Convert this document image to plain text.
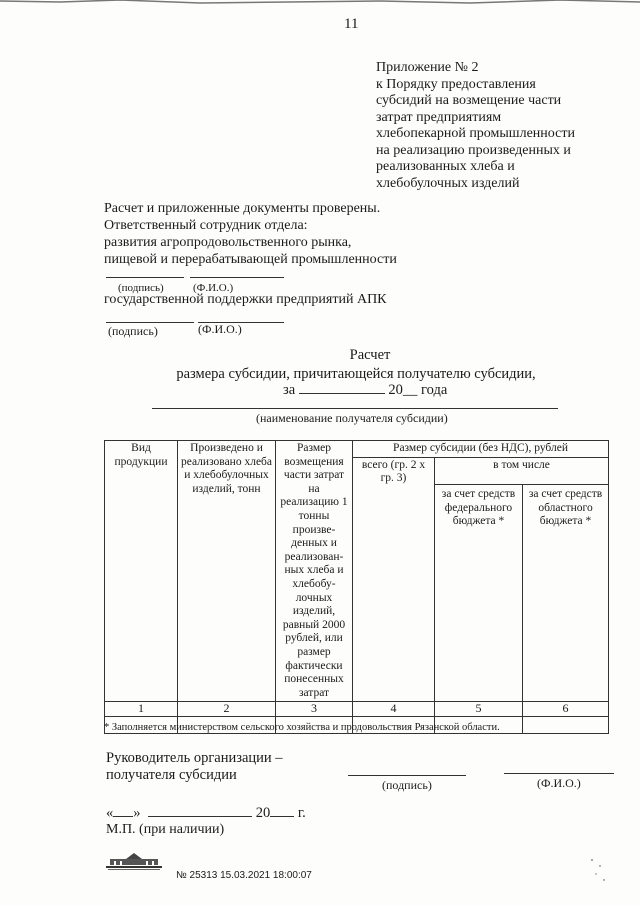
11
Приложение № 2
к Порядку предоставления
субсидий на возмещение части
затрат предприятиям
хлебопекарной промышленности
на реализацию произведенных и
реализованных хлеба и
хлебобулочных изделий
Расчет и приложенные документы проверены.
Ответственный сотрудник отдела:
развития агропродовольственного рынка,
пищевой и перерабатывающей промышленности
(подпись)	(Ф.И.О.)
государственной поддержки предприятий АПК
(подпись)	(Ф.И.О.)
Расчет
размера субсидии, причитающейся получателю субсидии,
за	20__ года
(наименование получателя субсидии)
Вид продукции	Произведено и реализовано хлеба и хлебобулочных изделий, тонн	Размер возмещения части затрат на реализацию 1 тонны произве-денных и реализован-ных хлеба и хлебобу-лочных изделий, равный 2000 рублей, или размер фактически понесенных затрат	Размер субсидии (без НДС), рублей		
			всего (гр. 2 х гр. 3)	в том числе	
				за счет средств федерального бюджета *	за счет средств областного бюджета *
1	2	3	4	5	6

* Заполняется министерством сельского хозяйства и продовольствия Рязанской области.
Руководитель организации –
получателя субсидии
(подпись)	(Ф.И.О.)
« »	20 г.
М.П. (при наличии)
№ 25313 15.03.2021 18:00:07
